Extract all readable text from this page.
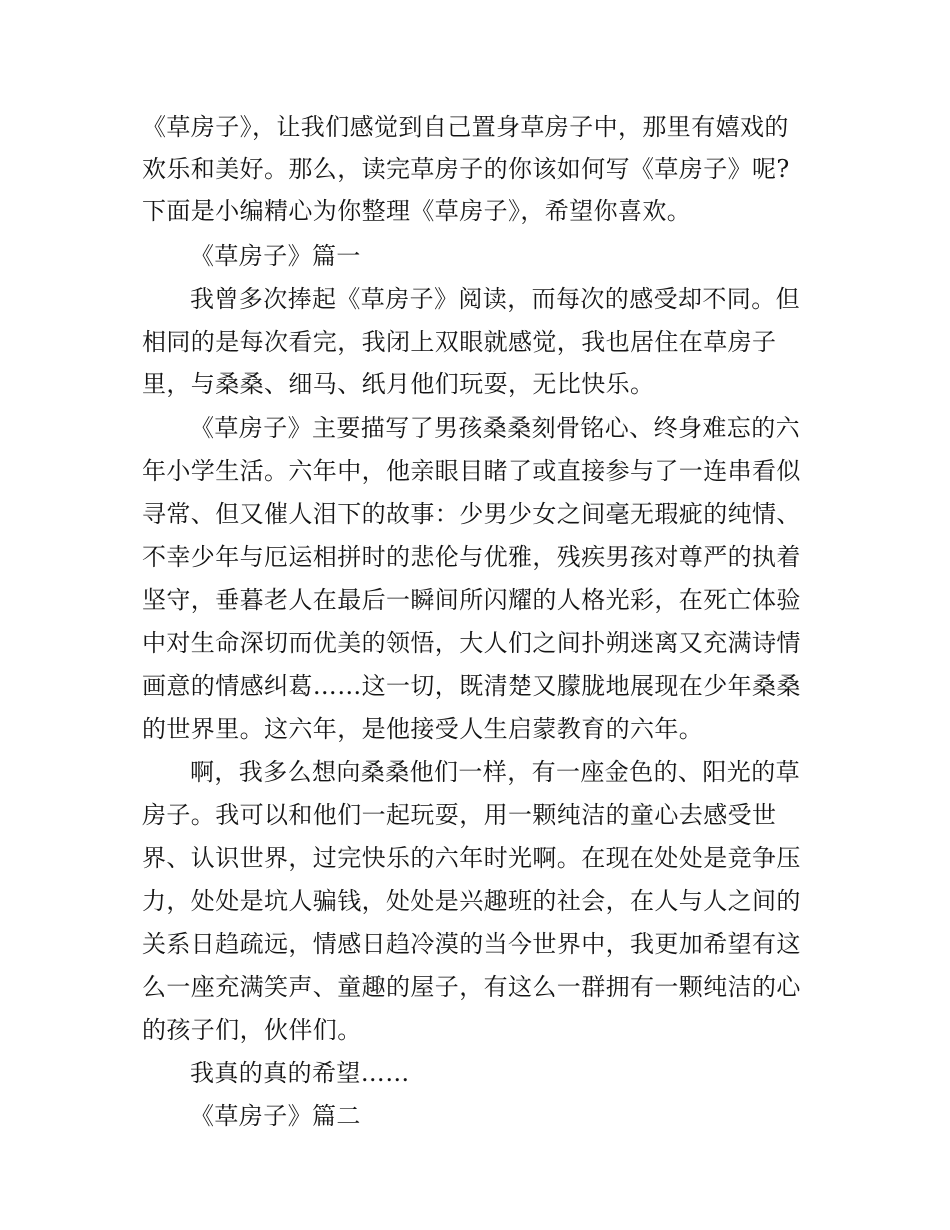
《草房子》，让我们感觉到自己置身草房子中，那里有嬉戏的
欢乐和美好。那么，读完草房子的你该如何写《草房子》呢?
下面是小编精心为你整理《草房子》，希望你喜欢。
《草房子》篇一
我曾多次捧起《草房子》阅读，而每次的感受却不同。但
相同的是每次看完，我闭上双眼就感觉，我也居住在草房子
里，与桑桑、细马、纸月他们玩耍，无比快乐。
《草房子》主要描写了男孩桑桑刻骨铭心、终身难忘的六
年小学生活。六年中，他亲眼目睹了或直接参与了一连串看似
寻常、但又催人泪下的故事：少男少女之间毫无瑕疵的纯情、
不幸少年与厄运相拼时的悲伦与优雅，残疾男孩对尊严的执着
坚守，垂暮老人在最后一瞬间所闪耀的人格光彩，在死亡体验
中对生命深切而优美的领悟，大人们之间扑朔迷离又充满诗情
画意的情感纠葛……这一切，既清楚又朦胧地展现在少年桑桑
的世界里。这六年，是他接受人生启蒙教育的六年。
啊，我多么想向桑桑他们一样，有一座金色的、阳光的草
房子。我可以和他们一起玩耍，用一颗纯洁的童心去感受世
界、认识世界，过完快乐的六年时光啊。在现在处处是竞争压
力，处处是坑人骗钱，处处是兴趣班的社会，在人与人之间的
关系日趋疏远，情感日趋冷漠的当今世界中，我更加希望有这
么一座充满笑声、童趣的屋子，有这么一群拥有一颗纯洁的心
的孩子们，伙伴们。
我真的真的希望……
《草房子》篇二
